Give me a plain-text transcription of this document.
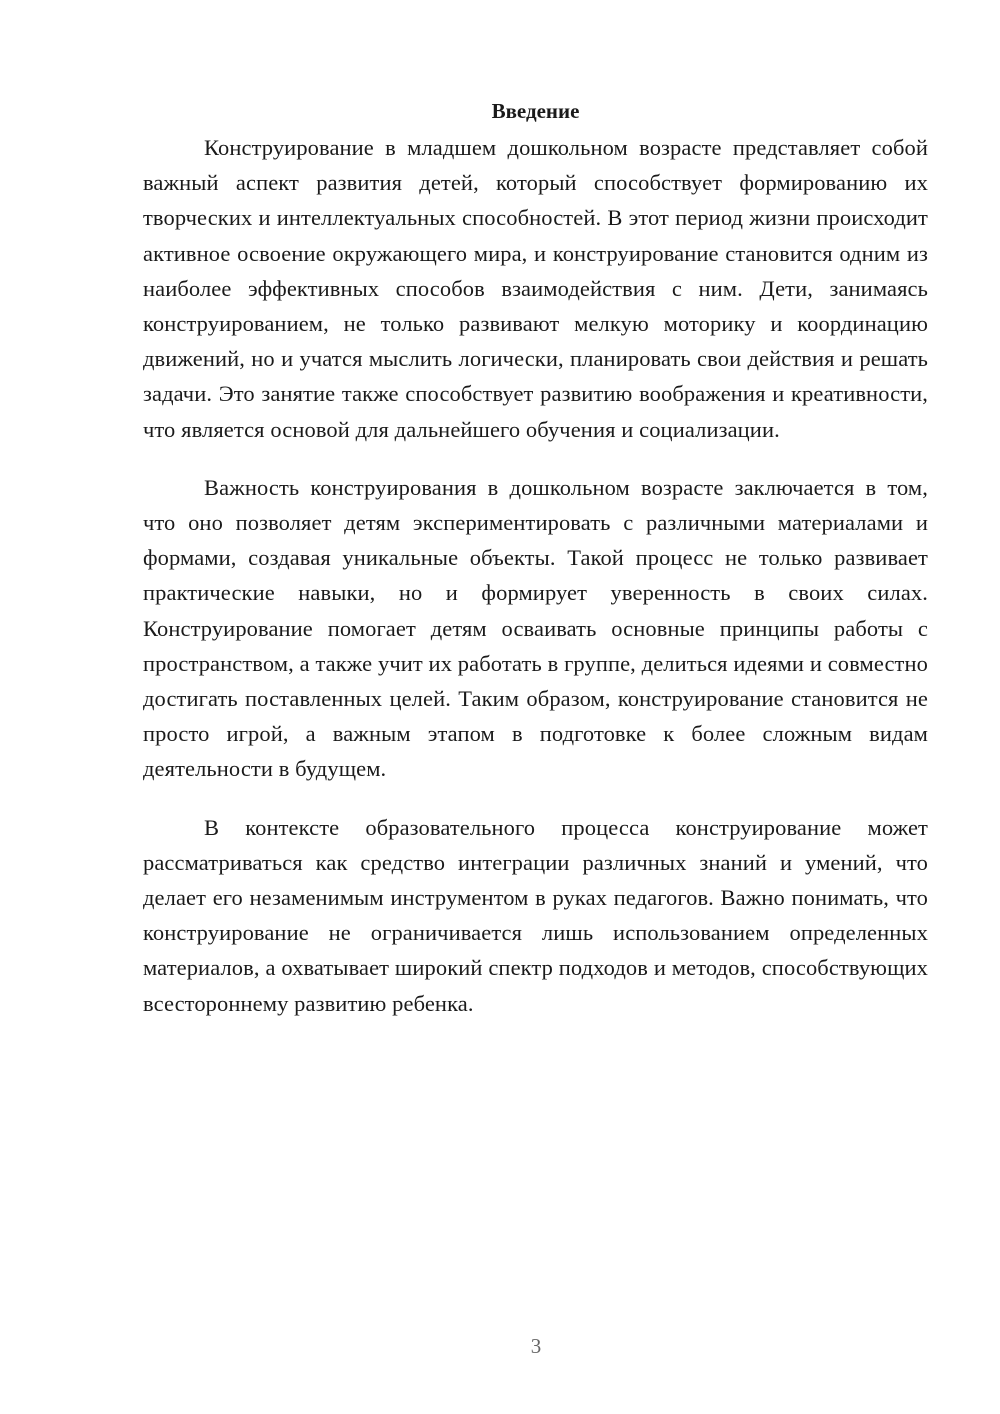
Введение

Конструирование в младшем дошкольном возрасте представляет собой важный аспект развития детей, который способствует формированию их творческих и интеллектуальных способностей. В этот период жизни происходит активное освоение окружающего мира, и конструирование становится одним из наиболее эффективных способов взаимодействия с ним. Дети, занимаясь конструированием, не только развивают мелкую моторику и координацию движений, но и учатся мыслить логически, планировать свои действия и решать задачи. Это занятие также способствует развитию воображения и креативности, что является основой для дальнейшего обучения и социализации.

Важность конструирования в дошкольном возрасте заключается в том, что оно позволяет детям экспериментировать с различными материалами и формами, создавая уникальные объекты. Такой процесс не только развивает практические навыки, но и формирует уверенность в своих силах. Конструирование помогает детям осваивать основные принципы работы с пространством, а также учит их работать в группе, делиться идеями и совместно достигать поставленных целей. Таким образом, конструирование становится не просто игрой, а важным этапом в подготовке к более сложным видам деятельности в будущем.

В контексте образовательного процесса конструирование может рассматриваться как средство интеграции различных знаний и умений, что делает его незаменимым инструментом в руках педагогов. Важно понимать, что конструирование не ограничивается лишь использованием определенных материалов, а охватывает широкий спектр подходов и методов, способствующих всестороннему развитию ребенка.

3
